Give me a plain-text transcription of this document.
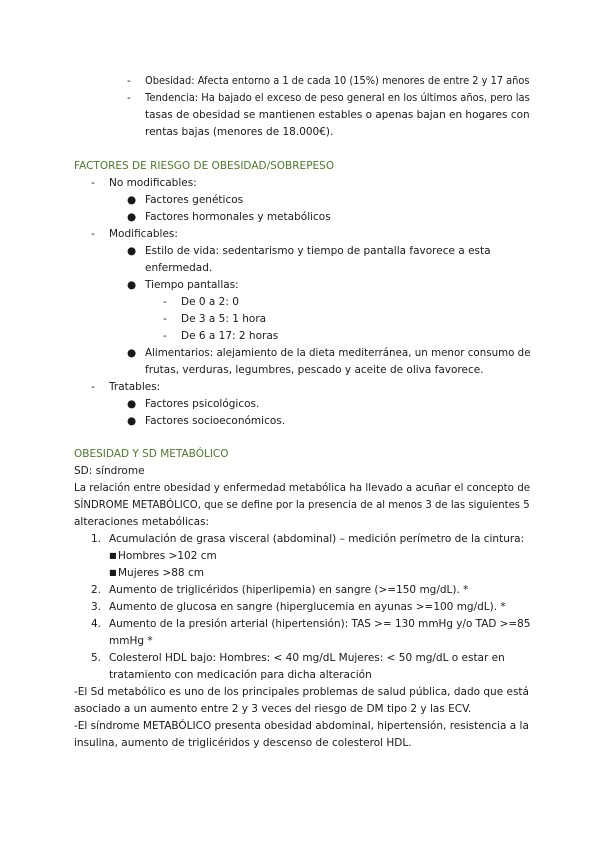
- Obesidad: Afecta entorno a 1 de cada 10 (15%) menores de entre 2 y 17 años
- Tendencia: Ha bajado el exceso de peso general en los últimos años, pero las
tasas de obesidad se mantienen estables o apenas bajan en hogares con
rentas bajas (menores de 18.000€).
FACTORES DE RIESGO DE OBESIDAD/SOBREPESO
- No modificables:
● Factores genéticos
● Factores hormonales y metabólicos
- Modificables:
● Estilo de vida: sedentarismo y tiempo de pantalla favorece a esta
enfermedad.
● Tiempo pantallas:
- De 0 a 2: 0
- De 3 a 5: 1 hora
- De 6 a 17: 2 horas
● Alimentarios: alejamiento de la dieta mediterránea, un menor consumo de
frutas, verduras, legumbres, pescado y aceite de oliva favorece.
- Tratables:
● Factores psicológicos.
● Factores socioeconómicos.
OBESIDAD Y SD METABÓLICO
SD: síndrome
La relación entre obesidad y enfermedad metabólica ha llevado a acuñar el concepto de
SÍNDROME METABÓLICO, que se define por la presencia de al menos 3 de las siguientes 5
alteraciones metabólicas:
1. Acumulación de grasa visceral (abdominal) – medición perímetro de la cintura:
■ Hombres >102 cm
■ Mujeres >88 cm
2. Aumento de triglicéridos (hiperlipemia) en sangre (>=150 mg/dL). *
3. Aumento de glucosa en sangre (hiperglucemia en ayunas >=100 mg/dL). *
4. Aumento de la presión arterial (hipertensión): TAS >= 130 mmHg y/o TAD >=85
mmHg *
5. Colesterol HDL bajo: Hombres: < 40 mg/dL Mujeres: < 50 mg/dL o estar en
tratamiento con medicación para dicha alteración
-El Sd metabólico es uno de los principales problemas de salud pública, dado que está
asociado a un aumento entre 2 y 3 veces del riesgo de DM tipo 2 y las ECV.
-El síndrome METABÓLICO presenta obesidad abdominal, hipertensión, resistencia a la
insulina, aumento de triglicéridos y descenso de colesterol HDL.
